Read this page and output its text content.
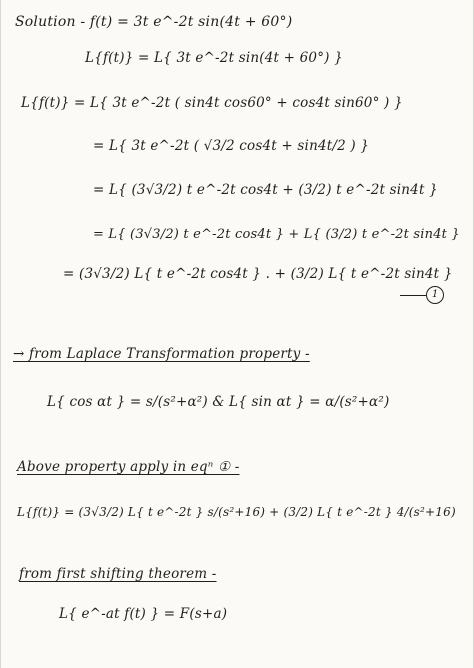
Solution - f(t) = 3t e^-2t sin(4t + 60°)
L{f(t)} = L{ 3t e^-2t sin(4t + 60°) }
L{f(t)} = L{ 3t e^-2t ( sin4t cos60° + cos4t sin60° ) }
= L{ 3t e^-2t ( √3/2 cos4t + sin4t/2 ) }
= L{ (3√3/2) t e^-2t cos4t + (3/2) t e^-2t sin4t }
= L{ (3√3/2) t e^-2t cos4t } + L{ (3/2) t e^-2t sin4t }
= (3√3/2) L{ t e^-2t cos4t } . + (3/2) L{ t e^-2t sin4t }
1
→ from Laplace Transformation property -
L{ cos αt } = s/(s²+α²) & L{ sin αt } = α/(s²+α²)
Above property apply in eqⁿ ① -
L{f(t)} = (3√3/2) L{ t e^-2t } s/(s²+16) + (3/2) L{ t e^-2t } 4/(s²+16)
from first shifting theorem -
L{ e^-at f(t) } = F(s+a)
